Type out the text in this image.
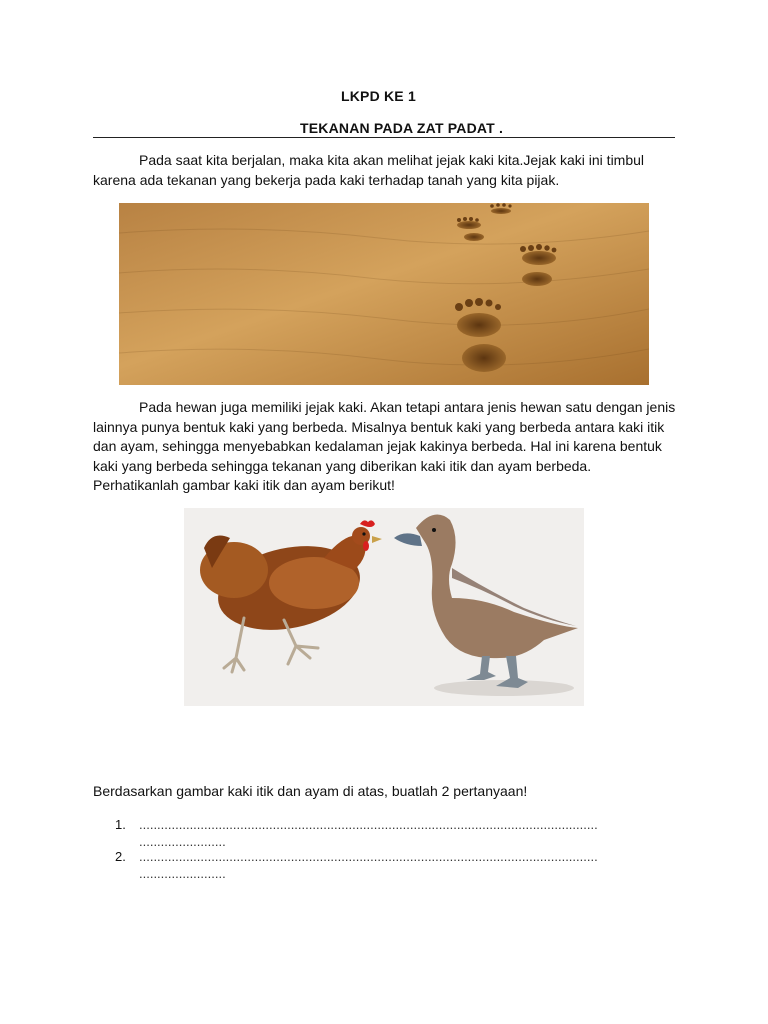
LKPD KE 1
TEKANAN PADA ZAT PADAT .
Pada saat kita berjalan, maka kita akan melihat jejak kaki kita.Jejak kaki ini timbul karena ada tekanan yang bekerja pada kaki terhadap tanah yang kita pijak.
Pada hewan juga memiliki jejak kaki. Akan tetapi antara jenis hewan satu dengan jenis lainnya punya bentuk kaki yang berbeda. Misalnya bentuk kaki yang berbeda antara kaki itik dan ayam, sehingga menyebabkan kedalaman jejak kakinya berbeda. Hal ini karena bentuk kaki yang berbeda sehingga tekanan yang diberikan kaki itik dan ayam berbeda. Perhatikanlah gambar kaki itik dan ayam berikut!
Berdasarkan gambar kaki itik dan ayam di atas, buatlah 2 pertanyaan!
1.	...............................................................................................................................
........................
2.	...............................................................................................................................
........................
